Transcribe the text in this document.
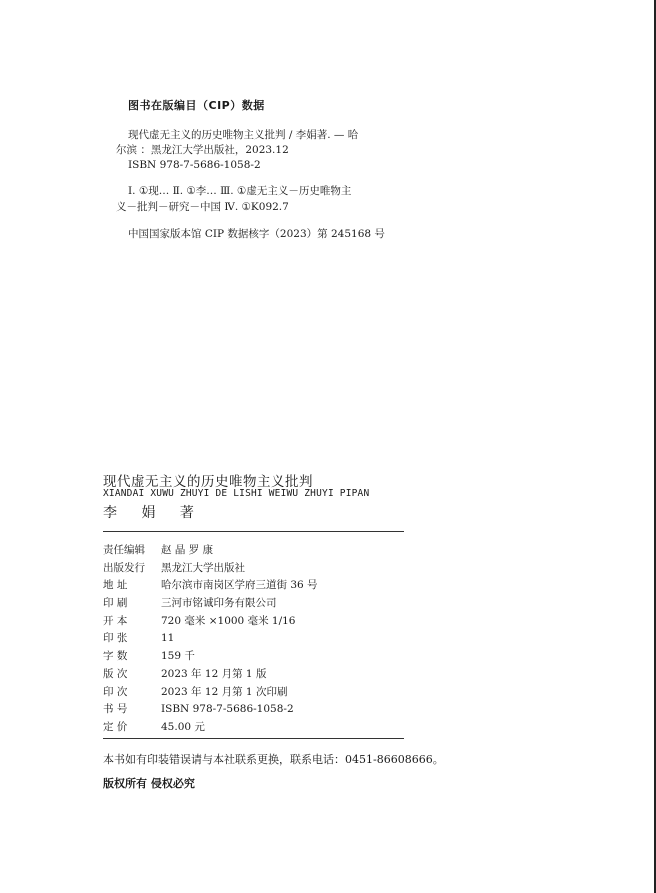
图书在版编目（CIP）数据
现代虚无主义的历史唯物主义批判 / 李娟著. — 哈
尔滨 ：黑龙江大学出版社，2023.12
ISBN 978-7-5686-1058-2
Ⅰ. ①现… Ⅱ. ①李… Ⅲ. ①虚无主义－历史唯物主
义－批判－研究－中国 Ⅳ. ①K092.7
中国国家版本馆 CIP 数据核字（2023）第 245168 号
现代虚无主义的历史唯物主义批判
XIANDAI XUWU ZHUYI DE LISHI WEIWU ZHUYI PIPAN
李 娟 著
责任编辑 赵 晶 罗 康
出版发行 黑龙江大学出版社
地 址	哈尔滨市南岗区学府三道街 36 号
印 刷	三河市铭诚印务有限公司
开 本	720 毫米 ×1000 毫米 1/16
印 张	11
字 数	159 千
版 次	2023 年 12 月第 1 版
印 次	2023 年 12 月第 1 次印刷
书 号	ISBN 978-7-5686-1058-2
定 价	45.00 元
本书如有印装错误请与本社联系更换，联系电话：0451-86608666。
版权所有 侵权必究
